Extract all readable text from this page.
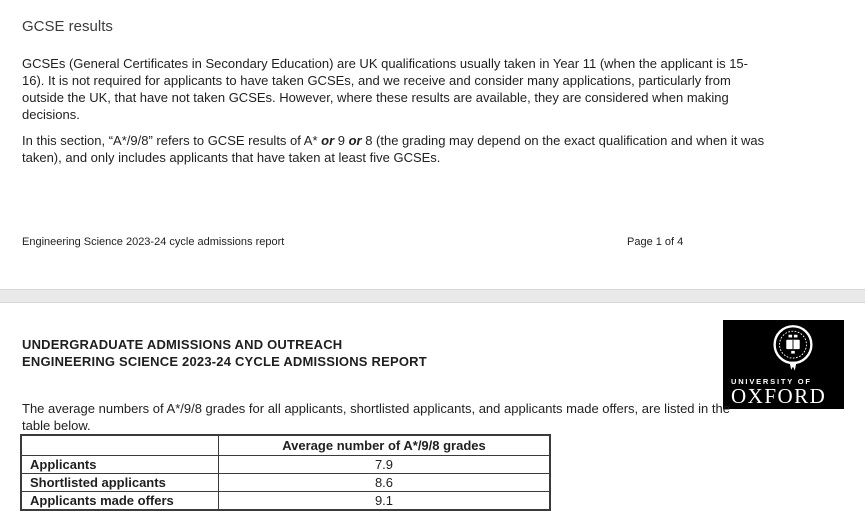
GCSE results

GCSEs (General Certificates in Secondary Education) are UK qualifications usually taken in Year 11 (when the applicant is 15-16). It is not required for applicants to have taken GCSEs, and we receive and consider many applications, particularly from outside the UK, that have not taken GCSEs. However, where these results are available, they are considered when making decisions.

In this section, “A*/9/8” refers to GCSE results of A* or 9 or 8 (the grading may depend on the exact qualification and when it was taken), and only includes applicants that have taken at least five GCSEs.

Engineering Science 2023-24 cycle admissions report	Page 1 of 4
UNDERGRADUATE ADMISSIONS AND OUTREACH
ENGINEERING SCIENCE 2023-24 CYCLE ADMISSIONS REPORT
UNIVERSITY OF
OXFORD

The average numbers of A*/9/8 grades for all applicants, shortlisted applicants, and applicants made offers, are listed in the table below.

	Average number of A*/9/8 grades
Applicants	7.9
Shortlisted applicants	8.6
Applicants made offers	9.1
